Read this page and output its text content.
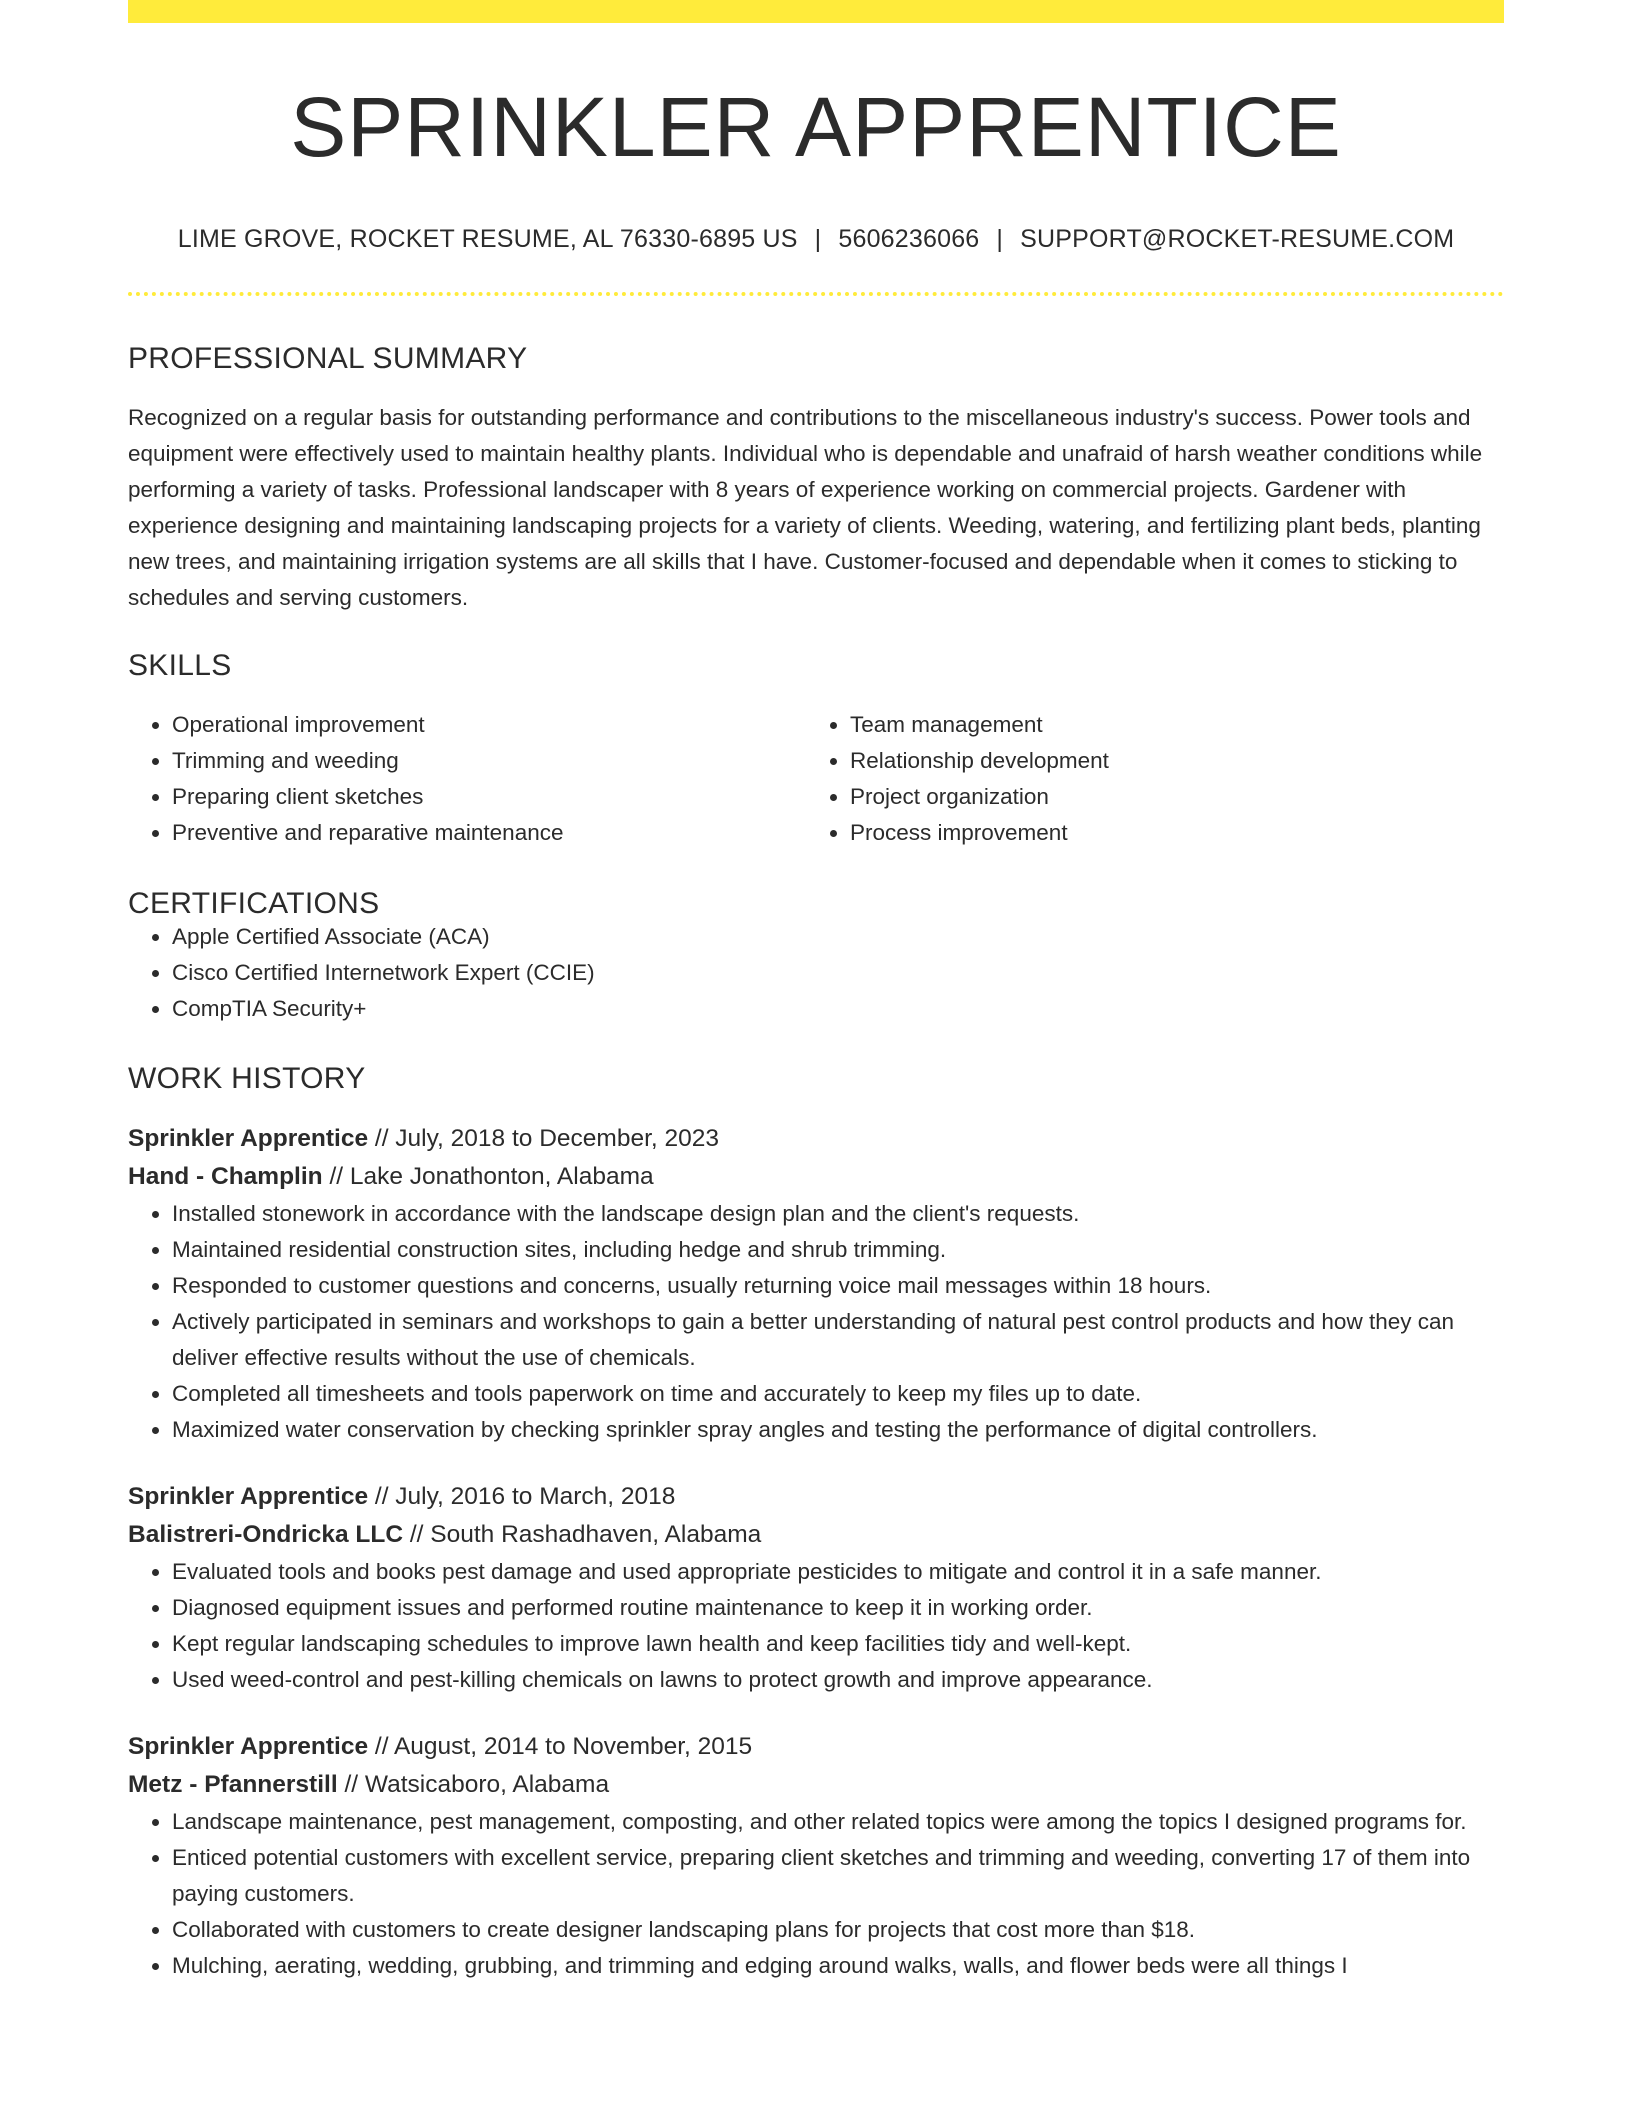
SPRINKLER APPRENTICE
LIME GROVE, ROCKET RESUME, AL 76330-6895 US | 5606236066 | SUPPORT@ROCKET-RESUME.COM
PROFESSIONAL SUMMARY

Recognized on a regular basis for outstanding performance and contributions to the miscellaneous industry's success. Power tools and equipment were effectively used to maintain healthy plants. Individual who is dependable and unafraid of harsh weather conditions while performing a variety of tasks. Professional landscaper with 8 years of experience working on commercial projects. Gardener with experience designing and maintaining landscaping projects for a variety of clients. Weeding, watering, and fertilizing plant beds, planting new trees, and maintaining irrigation systems are all skills that I have. Customer-focused and dependable when it comes to sticking to schedules and serving customers.

SKILLS
• Operational improvement
• Trimming and weeding
• Preparing client sketches
• Preventive and reparative maintenance
• Team management
• Relationship development
• Project organization
• Process improvement
CERTIFICATIONS
• Apple Certified Associate (ACA)
• Cisco Certified Internetwork Expert (CCIE)
• CompTIA Security+
WORK HISTORY
Sprinkler Apprentice // July, 2018 to December, 2023
Hand - Champlin // Lake Jonathonton, Alabama
• Installed stonework in accordance with the landscape design plan and the client's requests.
• Maintained residential construction sites, including hedge and shrub trimming.
• Responded to customer questions and concerns, usually returning voice mail messages within 18 hours.
• Actively participated in seminars and workshops to gain a better understanding of natural pest control products and how they can deliver effective results without the use of chemicals.
• Completed all timesheets and tools paperwork on time and accurately to keep my files up to date.
• Maximized water conservation by checking sprinkler spray angles and testing the performance of digital controllers.
Sprinkler Apprentice // July, 2016 to March, 2018
Balistreri-Ondricka LLC // South Rashadhaven, Alabama
• Evaluated tools and books pest damage and used appropriate pesticides to mitigate and control it in a safe manner.
• Diagnosed equipment issues and performed routine maintenance to keep it in working order.
• Kept regular landscaping schedules to improve lawn health and keep facilities tidy and well-kept.
• Used weed-control and pest-killing chemicals on lawns to protect growth and improve appearance.
Sprinkler Apprentice // August, 2014 to November, 2015
Metz - Pfannerstill // Watsicaboro, Alabama
• Landscape maintenance, pest management, composting, and other related topics were among the topics I designed programs for.
• Enticed potential customers with excellent service, preparing client sketches and trimming and weeding, converting 17 of them into paying customers.
• Collaborated with customers to create designer landscaping plans for projects that cost more than $18.
• Mulching, aerating, wedding, grubbing, and trimming and edging around walks, walls, and flower beds were all things I
